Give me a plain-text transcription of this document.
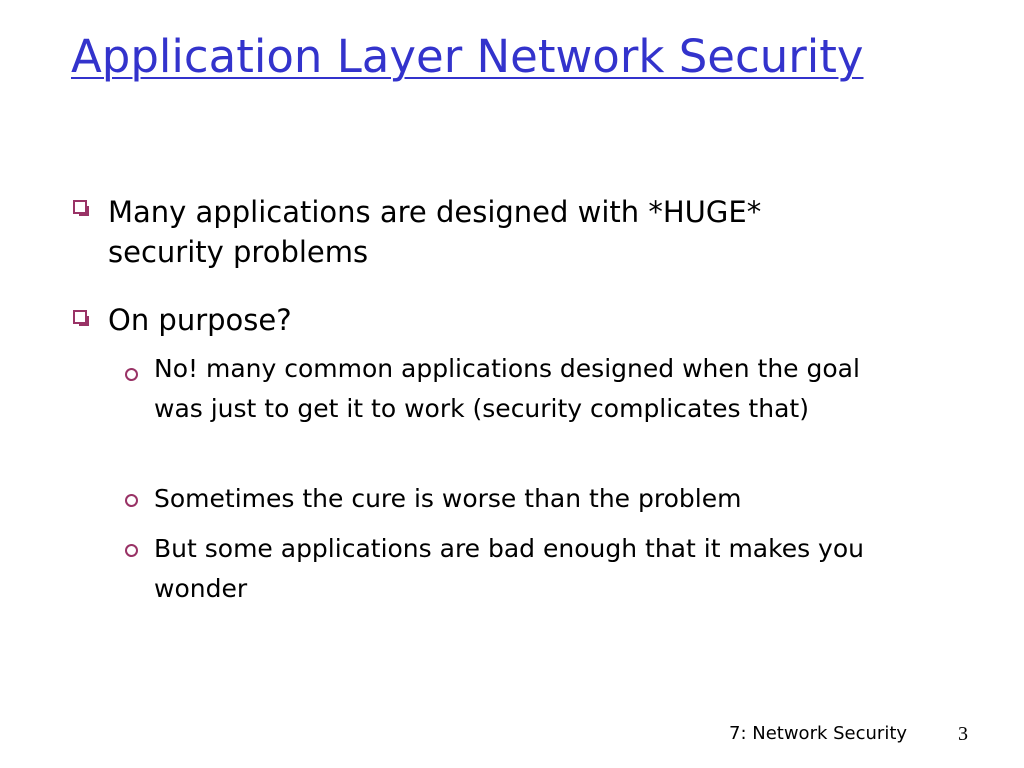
Application Layer Network Security
Many applications are designed with *HUGE* security problems
On purpose?
No! many common applications designed when the goal was just to get it to work (security complicates that)
Sometimes the cure is worse than the problem
But some applications are bad enough that it makes you wonder
7: Network Security	3
